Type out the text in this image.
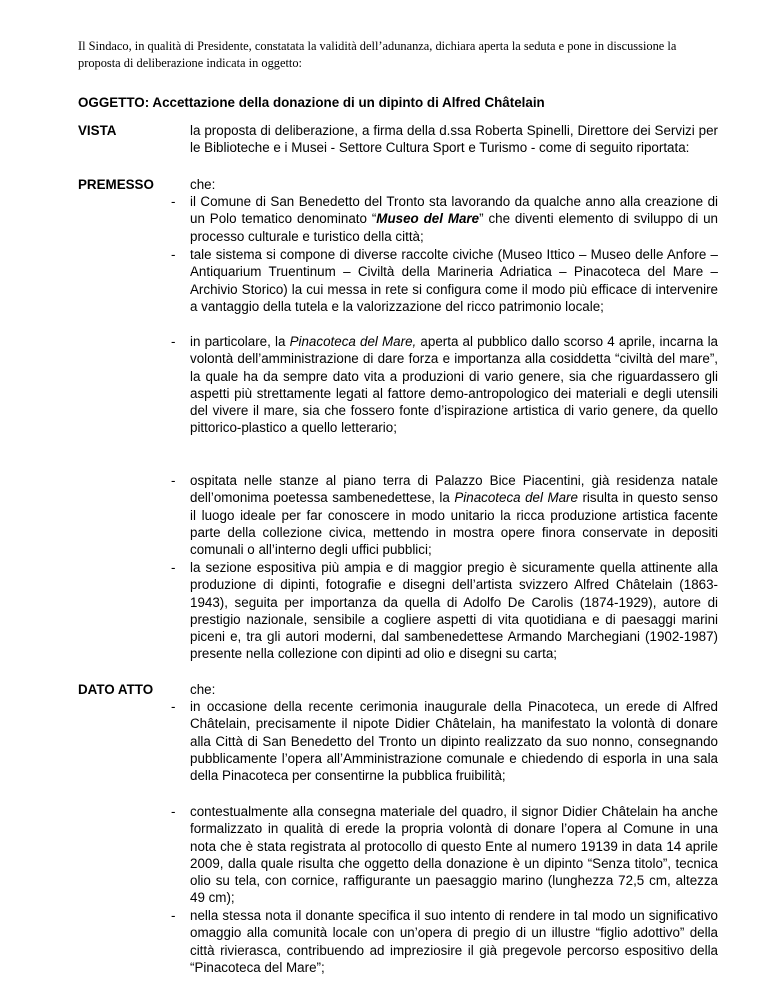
Il Sindaco, in qualità di Presidente, constatata la validità dell’adunanza, dichiara aperta la seduta e pone in discussione la proposta di deliberazione indicata in oggetto:
OGGETTO: Accettazione della donazione di un dipinto di Alfred Châtelain
VISTA	la proposta di deliberazione, a firma della d.ssa Roberta Spinelli, Direttore dei Servizi per le Biblioteche e i Musei - Settore Cultura Sport e Turismo - come di seguito riportata:
PREMESSO	che:
- il Comune di San Benedetto del Tronto sta lavorando da qualche anno alla creazione di un Polo tematico denominato “Museo del Mare” che diventi elemento di sviluppo di un processo culturale e turistico della città;
- tale sistema si compone di diverse raccolte civiche (Museo Ittico – Museo delle Anfore – Antiquarium Truentinum – Civiltà della Marineria Adriatica – Pinacoteca del Mare – Archivio Storico) la cui messa in rete si configura come il modo più efficace di intervenire a vantaggio della tutela e la valorizzazione del ricco patrimonio locale;
- in particolare, la Pinacoteca del Mare, aperta al pubblico dallo scorso 4 aprile, incarna la volontà dell’amministrazione di dare forza e importanza alla cosiddetta “civiltà del mare”, la quale ha da sempre dato vita a produzioni di vario genere, sia che riguardassero gli aspetti più strettamente legati al fattore demo-antropologico dei materiali e degli utensili del vivere il mare, sia che fossero fonte d’ispirazione artistica di vario genere, da quello pittorico-plastico a quello letterario;
- ospitata nelle stanze al piano terra di Palazzo Bice Piacentini, già residenza natale dell’omonima poetessa sambenedettese, la Pinacoteca del Mare risulta in questo senso il luogo ideale per far conoscere in modo unitario la ricca produzione artistica facente parte della collezione civica, mettendo in mostra opere finora conservate in depositi comunali o all’interno degli uffici pubblici;
- la sezione espositiva più ampia e di maggior pregio è sicuramente quella attinente alla produzione di dipinti, fotografie e disegni dell’artista svizzero Alfred Châtelain (1863-1943), seguita per importanza da quella di Adolfo De Carolis (1874-1929), autore di prestigio nazionale, sensibile a cogliere aspetti di vita quotidiana e di paesaggi marini piceni e, tra gli autori moderni, dal sambenedettese Armando Marchegiani (1902-1987) presente nella collezione con dipinti ad olio e disegni su carta;
DATO ATTO	che:
- in occasione della recente cerimonia inaugurale della Pinacoteca, un erede di Alfred Châtelain, precisamente il nipote Didier Châtelain, ha manifestato la volontà di donare alla Città di San Benedetto del Tronto un dipinto realizzato da suo nonno, consegnando pubblicamente l’opera all’Amministrazione comunale e chiedendo di esporla in una sala della Pinacoteca per consentirne la pubblica fruibilità;
- contestualmente alla consegna materiale del quadro, il signor Didier Châtelain ha anche formalizzato in qualità di erede la propria volontà di donare l’opera al Comune in una nota che è stata registrata al protocollo di questo Ente al numero 19139 in data 14 aprile 2009, dalla quale risulta che oggetto della donazione è un dipinto “Senza titolo”, tecnica olio su tela, con cornice, raffigurante un paesaggio marino (lunghezza 72,5 cm, altezza 49 cm);
- nella stessa nota il donante specifica il suo intento di rendere in tal modo un significativo omaggio alla comunità locale con un’opera di pregio di un illustre “figlio adottivo” della città rivierasca, contribuendo ad impreziosire il già pregevole percorso espositivo della “Pinacoteca del Mare”;
